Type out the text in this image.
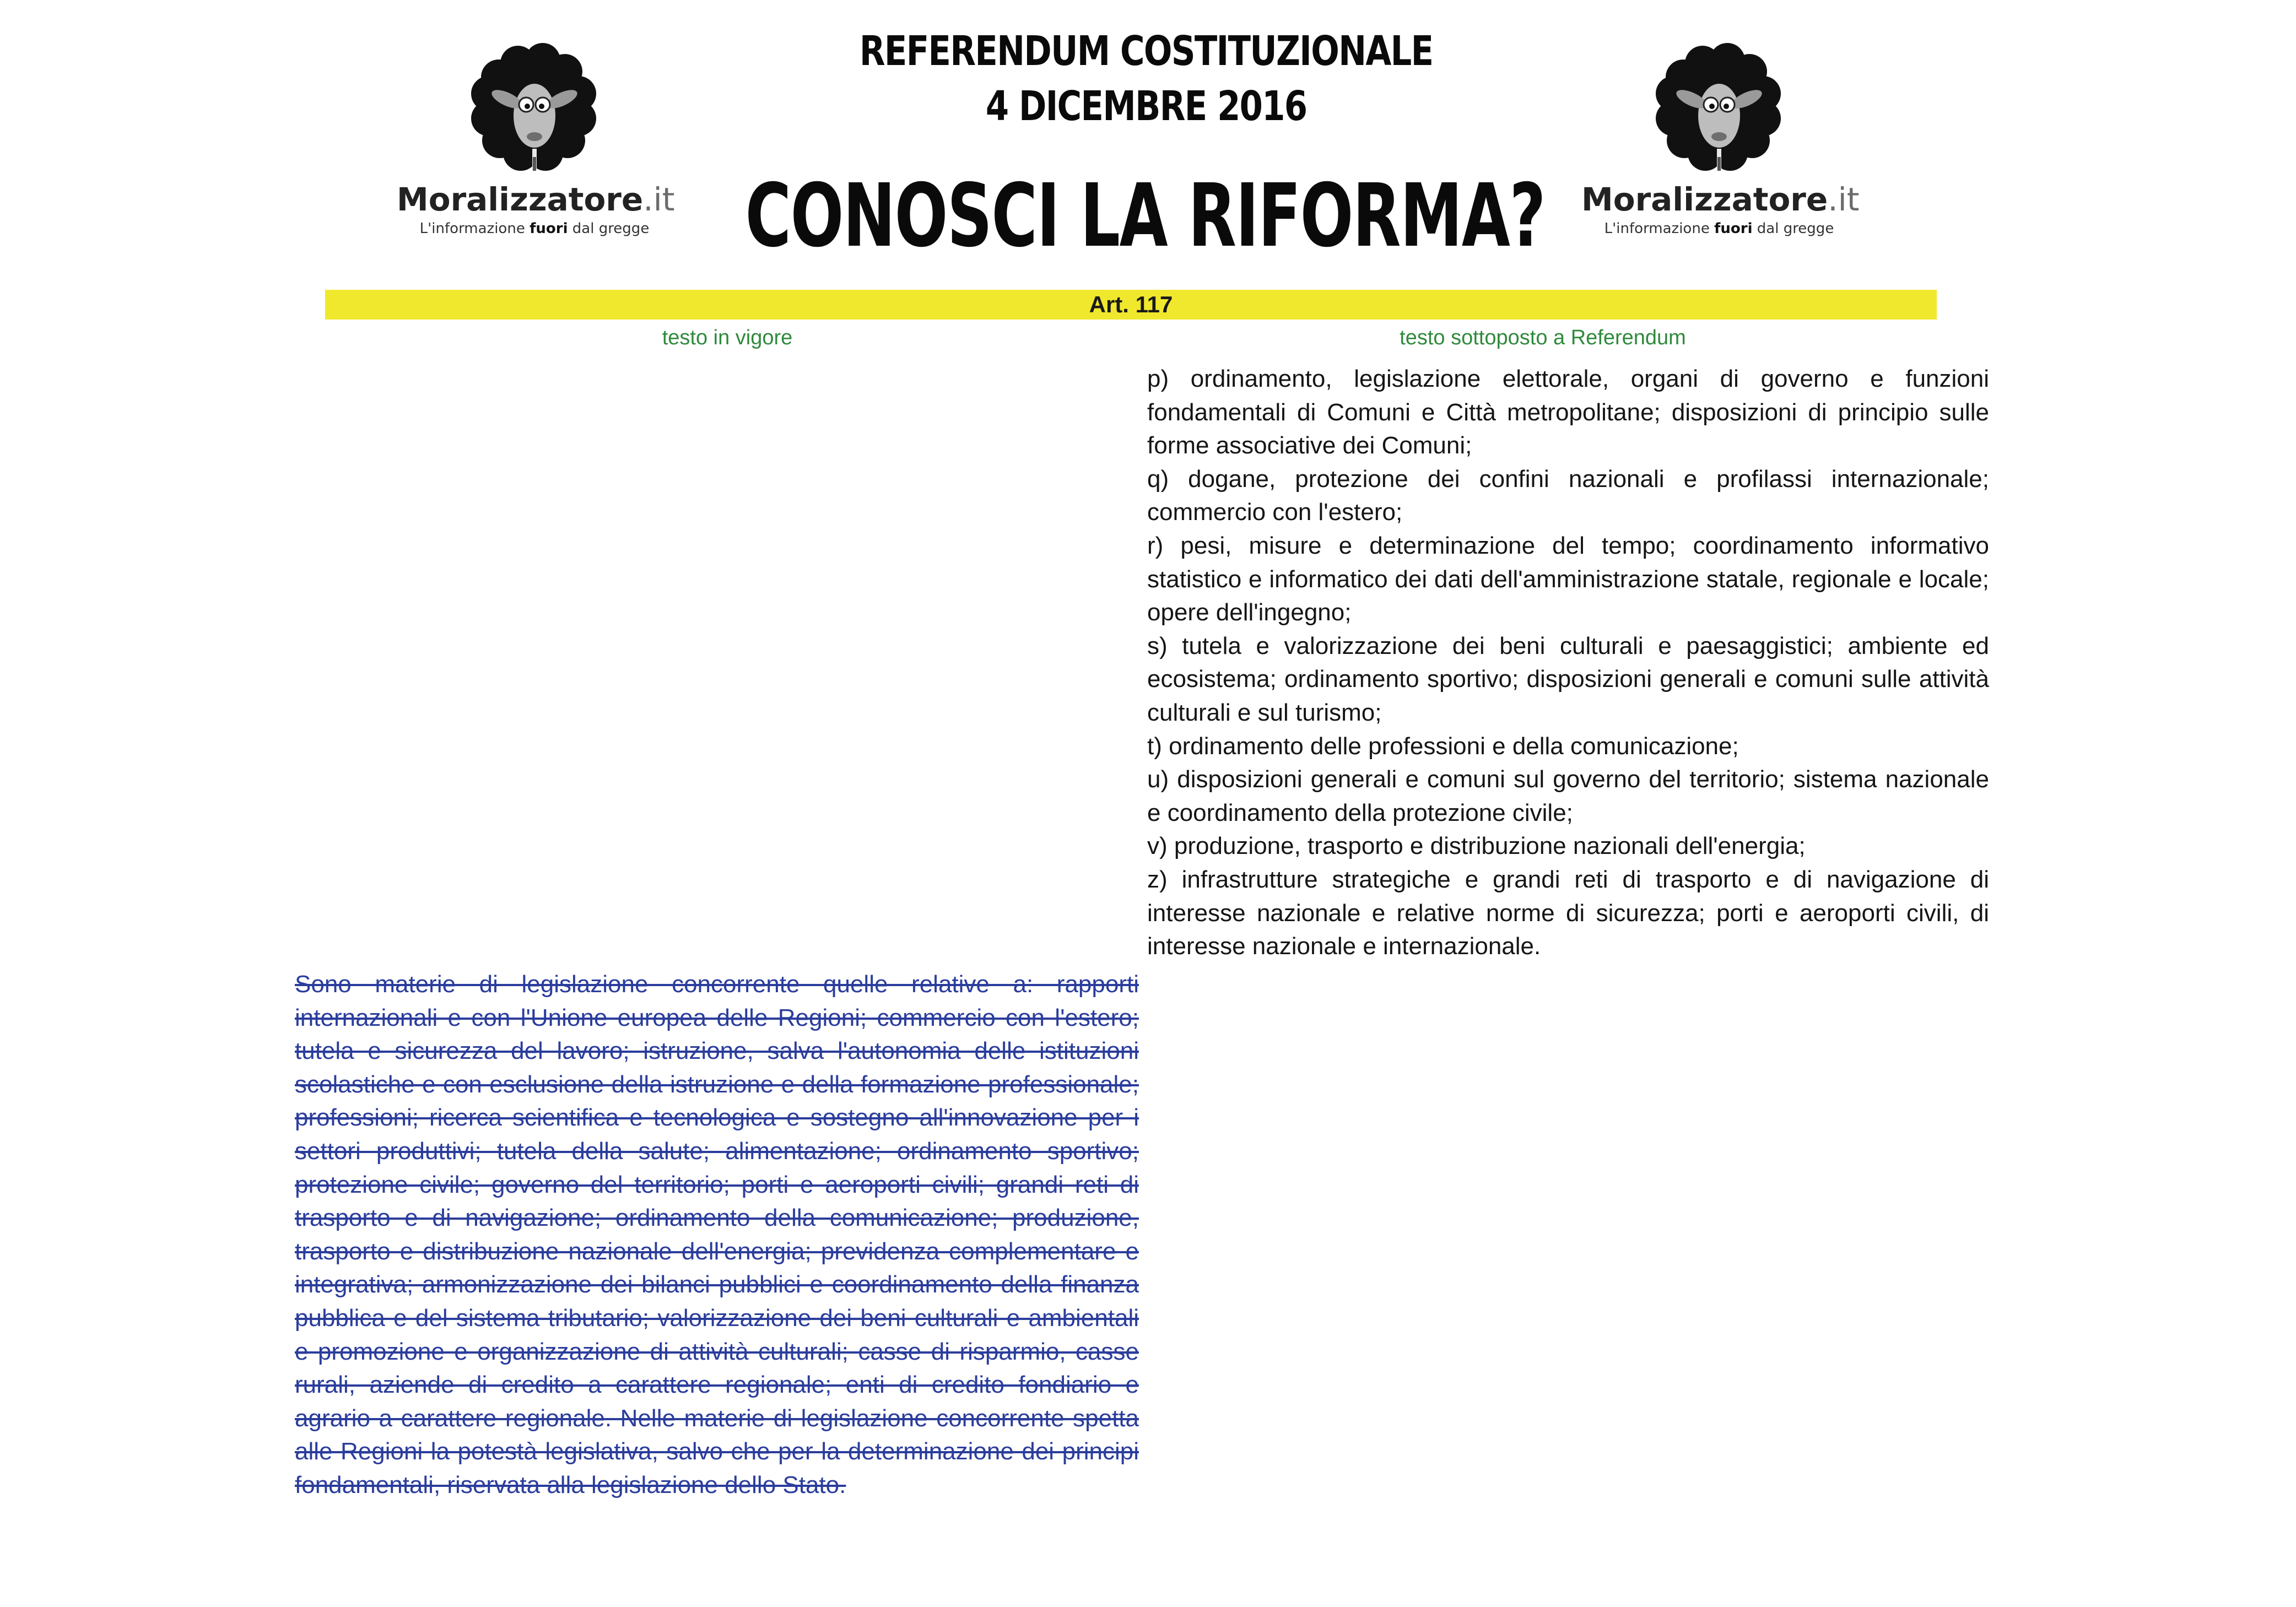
REFERENDUM COSTITUZIONALE
4 DICEMBRE 2016
CONOSCI LA RIFORMA?
Moralizzatore.it
L'informazione fuori dal gregge
Moralizzatore.it
L'informazione fuori dal gregge
Art. 117
testo in vigore	testo sottoposto a Referendum

p) ordinamento, legislazione elettorale, organi di governo e funzioni fondamentali di Comuni e Città metropolitane; disposizioni di principio sulle forme associative dei Comuni;

q) dogane, protezione dei confini nazionali e profilassi internazionale; commercio con l'estero;

r) pesi, misure e determinazione del tempo; coordinamento informativo statistico e informatico dei dati dell'amministrazione statale, regionale e locale; opere dell'ingegno;

s) tutela e valorizzazione dei beni culturali e paesaggistici; ambiente ed ecosistema; ordinamento sportivo; disposizioni generali e comuni sulle attività culturali e sul turismo;

t) ordinamento delle professioni e della comunicazione;

u) disposizioni generali e comuni sul governo del territorio; sistema nazionale e coordinamento della protezione civile;

v) produzione, trasporto e distribuzione nazionali dell'energia;

z) infrastrutture strategiche e grandi reti di trasporto e di navigazione di interesse nazionale e relative norme di sicurezza; porti e aeroporti civili, di interesse nazionale e internazionale.

Sono materie di legislazione concorrente quelle relative a: rapporti internazionali e con l'Unione europea delle Regioni; commercio con l'estero; tutela e sicurezza del lavoro; istruzione, salva l'autonomia delle istituzioni scolastiche e con esclusione della istruzione e della formazione professionale; professioni; ricerca scientifica e tecnologica e sostegno all'innovazione per i settori produttivi; tutela della salute; alimentazione; ordinamento sportivo; protezione civile; governo del territorio; porti e aeroporti civili; grandi reti di trasporto e di navigazione; ordinamento della comunicazione; produzione, trasporto e distribuzione nazionale dell'energia; previdenza complementare e integrativa; armonizzazione dei bilanci pubblici e coordinamento della finanza pubblica e del sistema tributario; valorizzazione dei beni culturali e ambientali e promozione e organizzazione di attività culturali; casse di risparmio, casse rurali, aziende di credito a carattere regionale; enti di credito fondiario e agrario a carattere regionale. Nelle materie di legislazione concorrente spetta alle Regioni la potestà legislativa, salvo che per la determinazione dei principi fondamentali, riservata alla legislazione dello Stato.
